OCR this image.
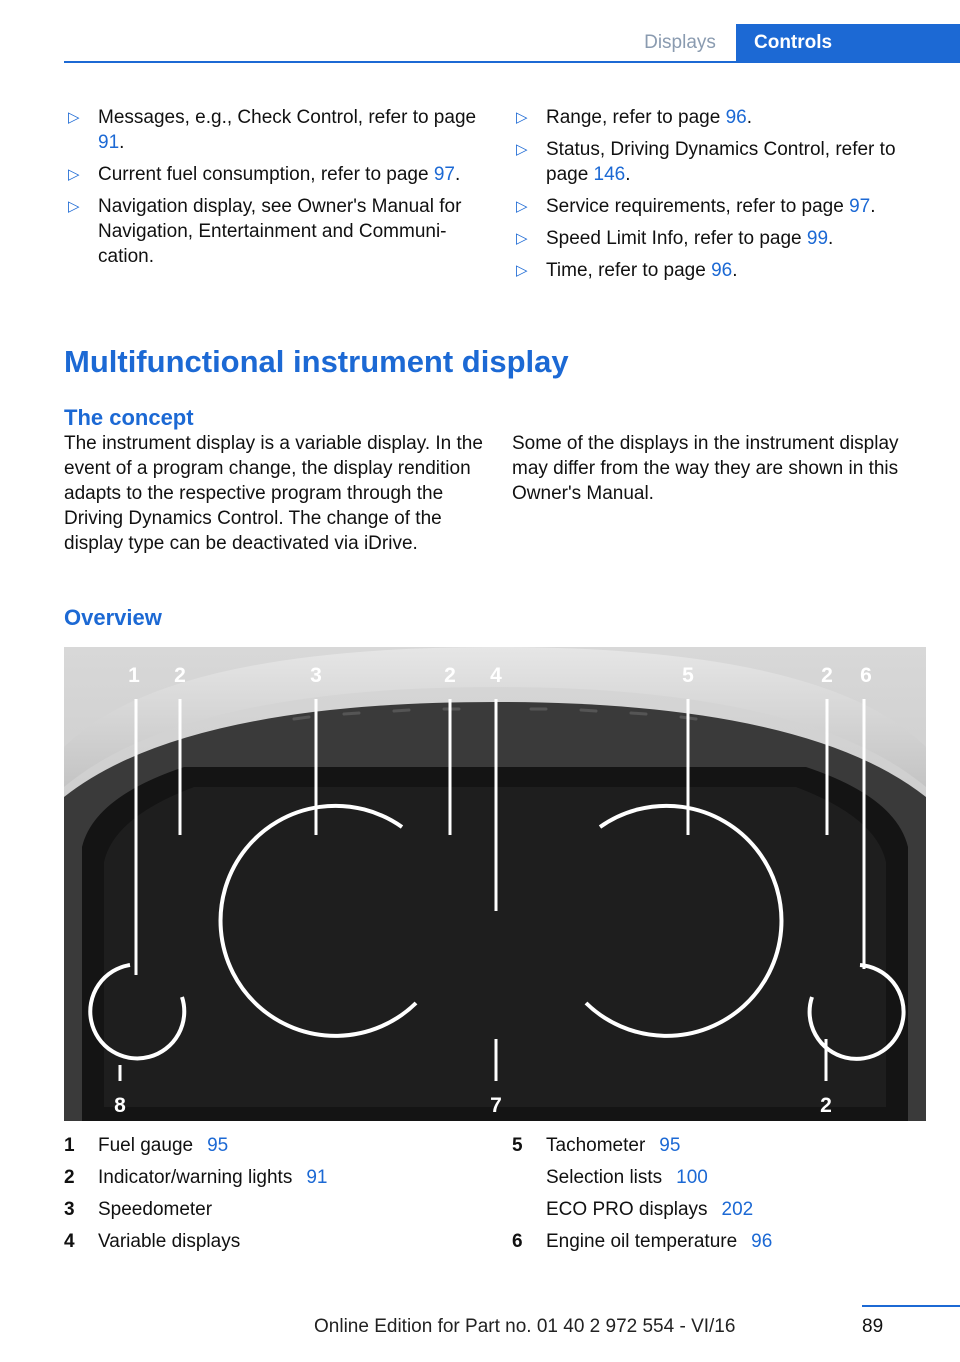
Displays	Controls
▷ Messages, e.g., Check Control, refer to page 91.
▷ Current fuel consumption, refer to page 97.
▷ Navigation display, see Owner's Manual for Navigation, Entertainment and Communi‐cation.
▷ Range, refer to page 96.
▷ Status, Driving Dynamics Control, refer to page 146.
▷ Service requirements, refer to page 97.
▷ Speed Limit Info, refer to page 99.
▷ Time, refer to page 96.
Multifunctional instrument display
The concept

The instrument display is a variable display. In the event of a program change, the display rendition adapts to the respective program through the Driving Dynamics Control. The change of the display type can be deactivated via iDrive.

Some of the displays in the instrument display may differ from the way they are shown in this Owner's Manual.

Overview
1 2	3	2 4	5	2 6
8	7	2
1	Fuel gauge 95
2	Indicator/warning lights 91
3	Speedometer
4	Variable displays
5	Tachometer 95
Selection lists 100
ECO PRO displays 202
6	Engine oil temperature 96
89
Online Edition for Part no. 01 40 2 972 554 - VI/16
